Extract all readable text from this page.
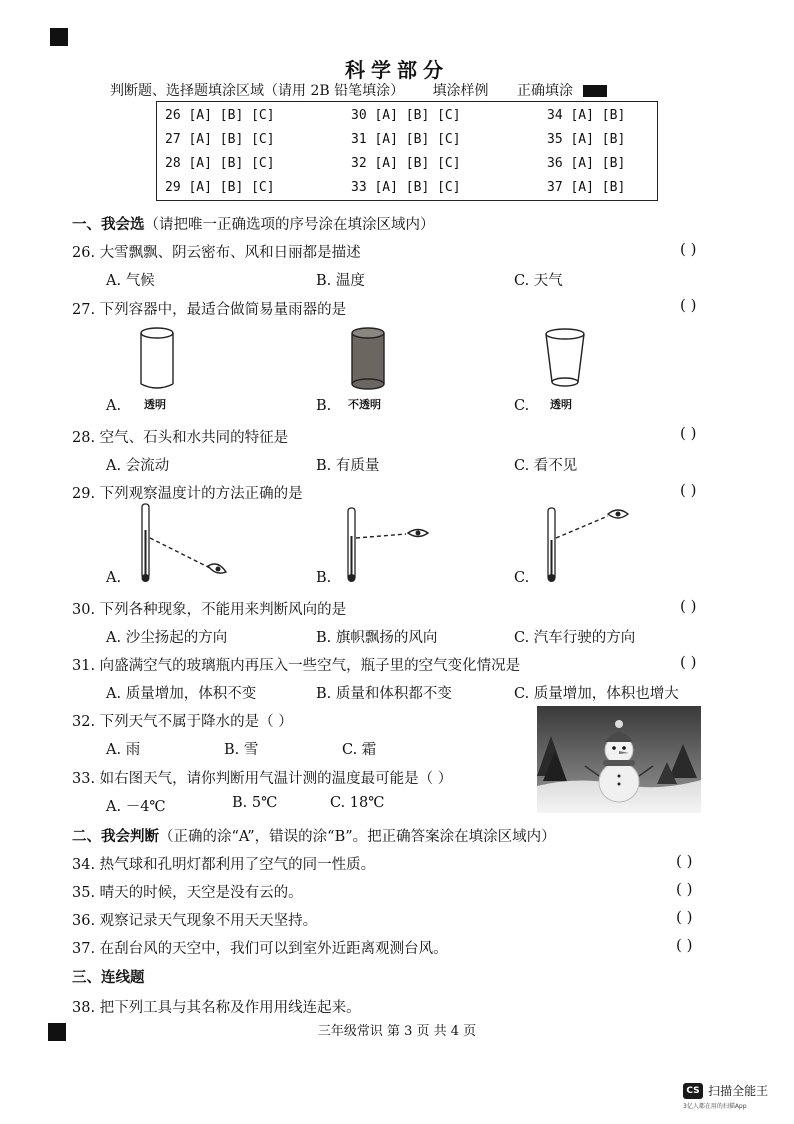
科学部分
判断题、选择题填涂区域（请用 2B 铅笔填涂） 填涂样例 正确填涂
26 [A] [B] [C]	30 [A] [B] [C]	34 [A] [B]
27 [A] [B] [C]	31 [A] [B] [C]	35 [A] [B]
28 [A] [B] [C]	32 [A] [B] [C]	36 [A] [B]
29 [A] [B] [C]	33 [A] [B] [C]	37 [A] [B]
一、我会选（请把唯一正确选项的序号涂在填涂区域内）
26. 大雪飘飘、阴云密布、风和日丽都是描述	( )
A. 气候	B. 温度	C. 天气
27. 下列容器中，最适合做简易量雨器的是	( )
A. 透明	B. 不透明	C. 透明
28. 空气、石头和水共同的特征是	( )
A. 会流动	B. 有质量	C. 看不见
29. 下列观察温度计的方法正确的是	( )
A.	B.	C.
30. 下列各种现象，不能用来判断风向的是	( )
A. 沙尘扬起的方向	B. 旗帜飘扬的风向	C. 汽车行驶的方向
31. 向盛满空气的玻璃瓶内再压入一些空气，瓶子里的空气变化情况是	( )
A. 质量增加，体积不变	B. 质量和体积都不变	C. 质量增加，体积也增大
32. 下列天气不属于降水的是（ ）
A. 雨	B. 雪	C. 霜
33. 如右图天气，请你判断用气温计测的温度最可能是（ ）
A. －4℃	B. 5℃	C. 18℃
二、我会判断（正确的涂“A”，错误的涂“B”。把正确答案涂在填涂区域内）
34. 热气球和孔明灯都利用了空气的同一性质。	( )
35. 晴天的时候，天空是没有云的。	( )
36. 观察记录天气现象不用天天坚持。	( )
37. 在刮台风的天空中，我们可以到室外近距离观测台风。	( )
三、连线题
38. 把下列工具与其名称及作用用线连起来。
三年级常识 第 3 页 共 4 页
CS 扫描全能王
3亿人都在用的扫描App
